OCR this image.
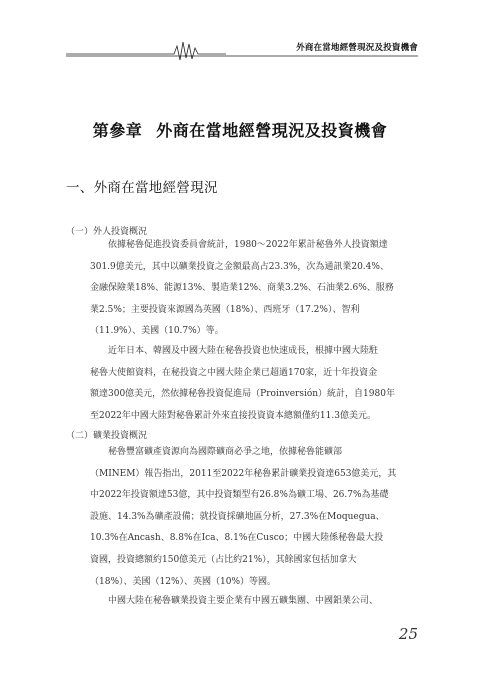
外商在當地經營現況及投資機會
第參章 外商在當地經營現況及投資機會
一、外商在當地經營現況
（一）外人投資概況
依據秘魯促進投資委員會統計，1980～2022年累計秘魯外人投資額達
301.9億美元，其中以礦業投資之金額最高占23.3%，次為通訊業20.4%、
金融保險業18%、能源13%、製造業12%、商業3.2%、石油業2.6%、服務
業2.5%；主要投資來源國為英國（18%）、西班牙（17.2%）、智利
（11.9%）、美國（10.7%）等。
近年日本、韓國及中國大陸在秘魯投資也快速成長，根據中國大陸駐
秘魯大使館資料，在秘投資之中國大陸企業已超過170家，近十年投資金
額達300億美元，然依據秘魯投資促進局（Proinversión）統計，自1980年
至2022年中國大陸對秘魯累計外來直接投資資本總額僅約11.3億美元。
（二）礦業投資概況
秘魯豐富礦產資源向為國際礦商必爭之地，依據秘魯能礦部
（MINEM）報告指出，2011至2022年秘魯累計礦業投資達653億美元，其
中2022年投資額達53億，其中投資類型有26.8%為礦工場、26.7%為基礎
設施、14.3%為礦產設備；就投資採礦地區分析，27.3%在Moquegua、
10.3%在Ancash、8.8%在Ica、8.1%在Cusco；中國大陸係秘魯最大投
資國，投資總額約150億美元（占比約21%），其餘國家包括加拿大
（18%）、美國（12%）、英國（10%）等國。
中國大陸在秘魯礦業投資主要企業有中國五礦集團、中國鋁業公司、
25
